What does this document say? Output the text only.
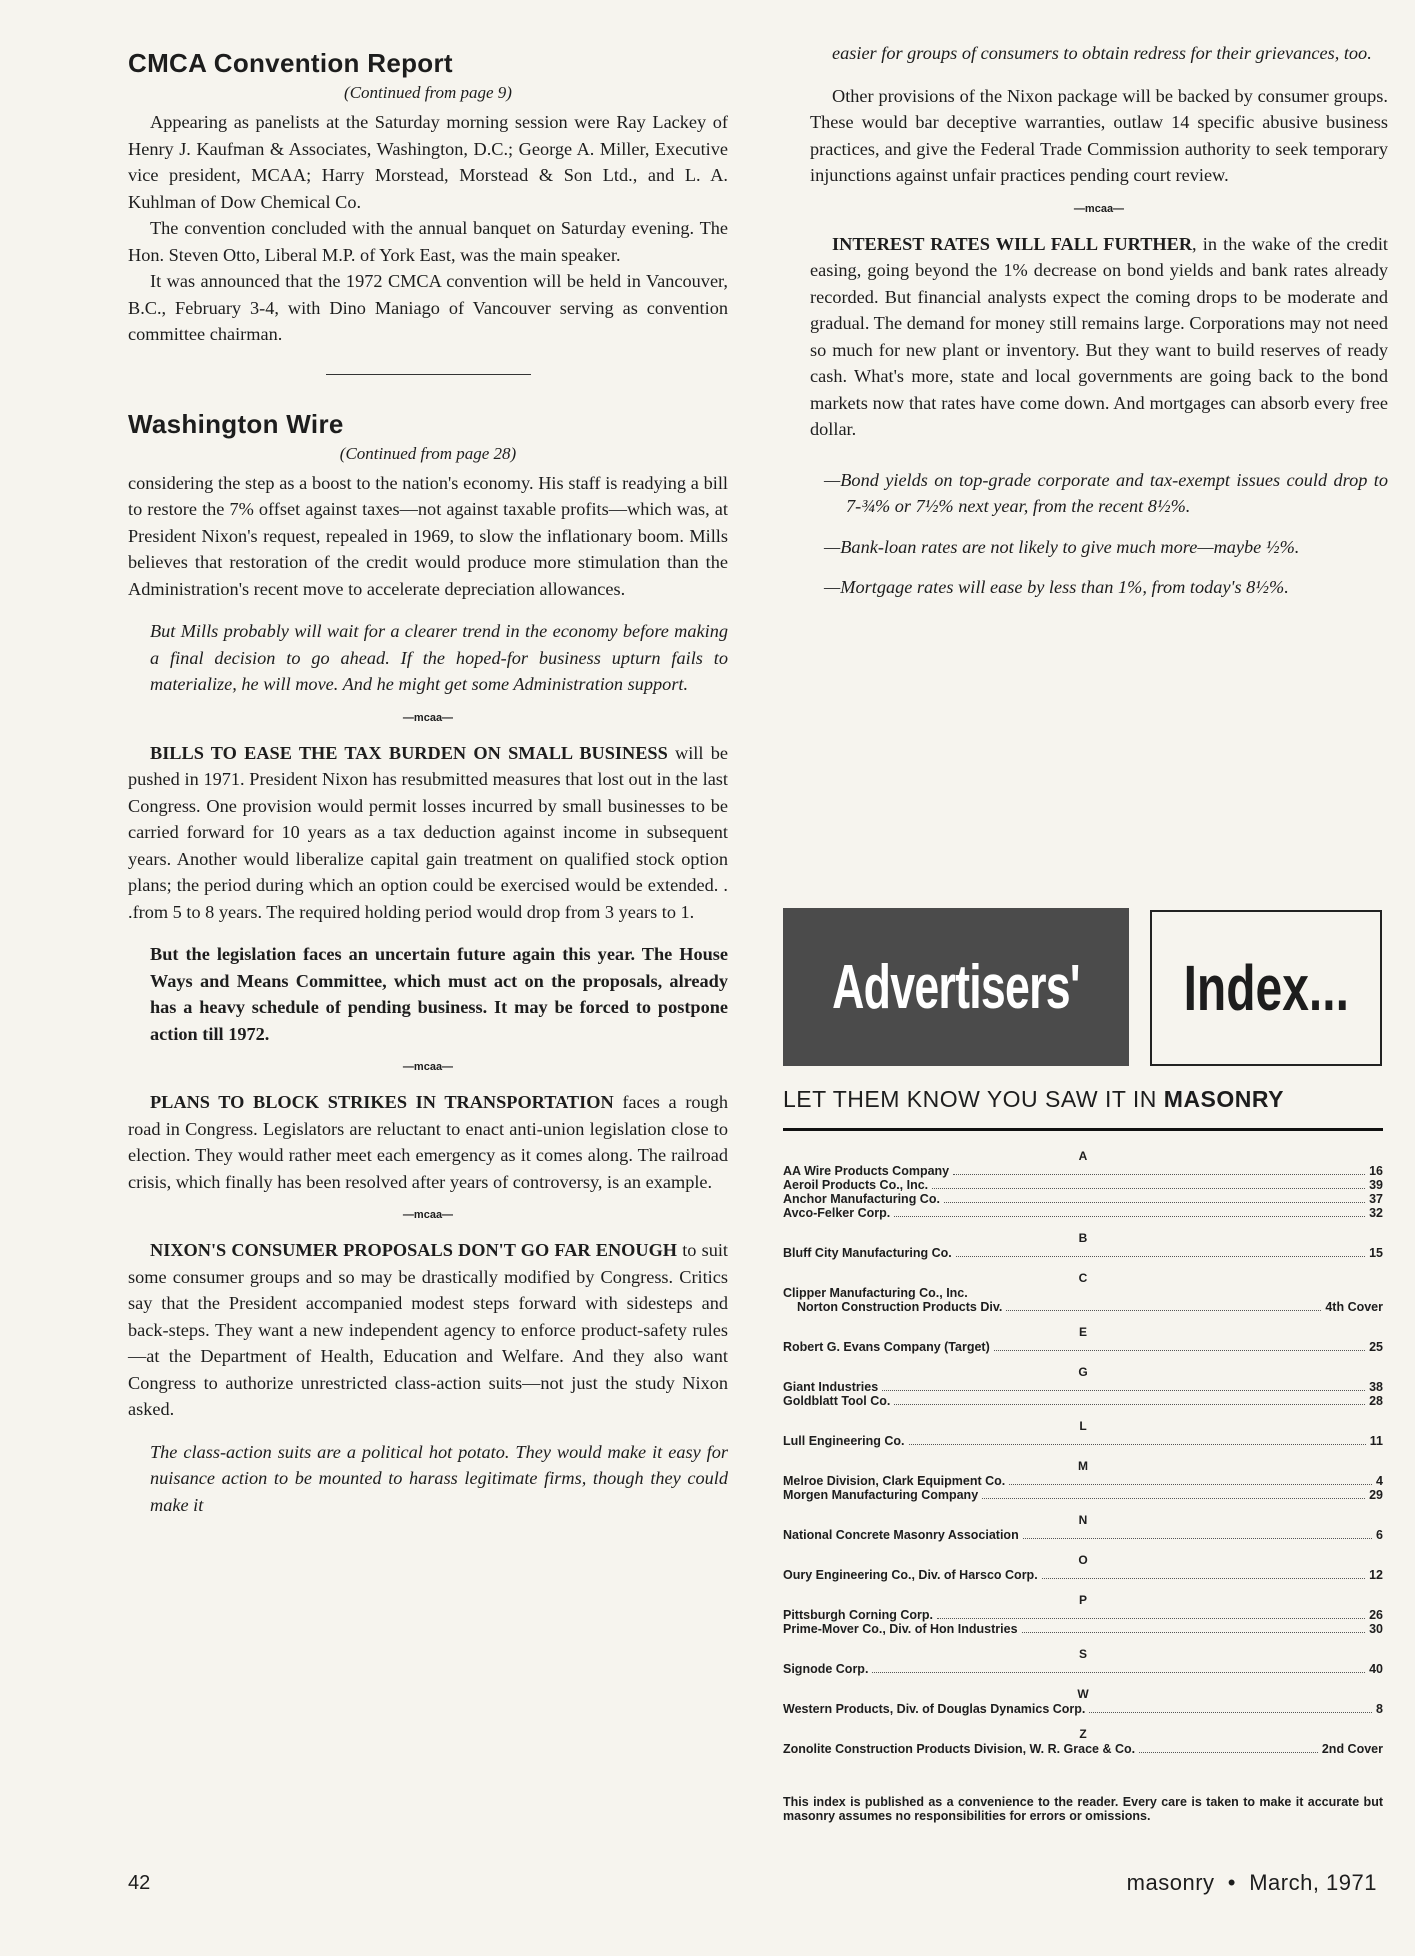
CMCA Convention Report
(Continued from page 9)

Appearing as panelists at the Saturday morning session were Ray Lackey of Henry J. Kaufman & Associates, Washington, D.C.; George A. Miller, Executive vice president, MCAA; Harry Morstead, Morstead & Son Ltd., and L. A. Kuhlman of Dow Chemical Co.

The convention concluded with the annual banquet on Saturday evening. The Hon. Steven Otto, Liberal M.P. of York East, was the main speaker.

It was announced that the 1972 CMCA convention will be held in Vancouver, B.C., February 3-4, with Dino Maniago of Vancouver serving as convention committee chairman.

Washington Wire
(Continued from page 28)

considering the step as a boost to the nation's economy. His staff is readying a bill to restore the 7% offset against taxes—not against taxable profits—which was, at President Nixon's request, repealed in 1969, to slow the inflationary boom. Mills believes that restoration of the credit would produce more stimulation than the Administration's recent move to accelerate depreciation allowances.

But Mills probably will wait for a clearer trend in the economy before making a final decision to go ahead. If the hoped-for business upturn fails to materialize, he will move. And he might get some Administration support.

—mcaa—

BILLS TO EASE THE TAX BURDEN ON SMALL BUSINESS will be pushed in 1971. President Nixon has resubmitted measures that lost out in the last Congress. One provision would permit losses incurred by small businesses to be carried forward for 10 years as a tax deduction against income in subsequent years. Another would liberalize capital gain treatment on qualified stock option plans; the period during which an option could be exercised would be extended. . .from 5 to 8 years. The required holding period would drop from 3 years to 1.

But the legislation faces an uncertain future again this year. The House Ways and Means Committee, which must act on the proposals, already has a heavy schedule of pending business. It may be forced to postpone action till 1972.

—mcaa—

PLANS TO BLOCK STRIKES IN TRANSPORTATION faces a rough road in Congress. Legislators are reluctant to enact anti-union legislation close to election. They would rather meet each emergency as it comes along. The railroad crisis, which finally has been resolved after years of controversy, is an example.

—mcaa—

NIXON'S CONSUMER PROPOSALS DON'T GO FAR ENOUGH to suit some consumer groups and so may be drastically modified by Congress. Critics say that the President accompanied modest steps forward with sidesteps and back-steps. They want a new independent agency to enforce product-safety rules—at the Department of Health, Education and Welfare. And they also want Congress to authorize unrestricted class-action suits—not just the study Nixon asked.

The class-action suits are a political hot potato. They would make it easy for nuisance action to be mounted to harass legitimate firms, though they could make it

easier for groups of consumers to obtain redress for their grievances, too.

Other provisions of the Nixon package will be backed by consumer groups. These would bar deceptive warranties, outlaw 14 specific abusive business practices, and give the Federal Trade Commission authority to seek temporary injunctions against unfair practices pending court review.

—mcaa—

INTEREST RATES WILL FALL FURTHER, in the wake of the credit easing, going beyond the 1% decrease on bond yields and bank rates already recorded. But financial analysts expect the coming drops to be moderate and gradual. The demand for money still remains large. Corporations may not need so much for new plant or inventory. But they want to build reserves of ready cash. What's more, state and local governments are going back to the bond markets now that rates have come down. And mortgages can absorb every free dollar.

—Bond yields on top-grade corporate and tax-exempt issues could drop to 7-¾% or 7½% next year, from the recent 8½%.
—Bank-loan rates are not likely to give much more—maybe ½%.
—Mortgage rates will ease by less than 1%, from today's 8½%.
Advertisers' Index...
LET THEM KNOW YOU SAW IT IN MASONRY
A
AA Wire Products Company	16
Aeroil Products Co., Inc.	39
Anchor Manufacturing Co.	37
Avco-Felker Corp.	32
B
Bluff City Manufacturing Co.	15
C
Clipper Manufacturing Co., Inc.
Norton Construction Products Div.	4th Cover
E
Robert G. Evans Company (Target)	25
G
Giant Industries	38
Goldblatt Tool Co.	28
L
Lull Engineering Co.	11
M
Melroe Division, Clark Equipment Co.	4
Morgen Manufacturing Company	29
N
National Concrete Masonry Association	6
O
Oury Engineering Co., Div. of Harsco Corp.	12
P
Pittsburgh Corning Corp.	26
Prime-Mover Co., Div. of Hon Industries	30
S
Signode Corp.	40
W
Western Products, Div. of Douglas Dynamics Corp.	8
Z
Zonolite Construction Products Division, W. R. Grace & Co.	2nd Cover
This index is published as a convenience to the reader. Every care is taken to make it accurate but masonry assumes no responsibilities for errors or omissions.
42	masonry • March, 1971
